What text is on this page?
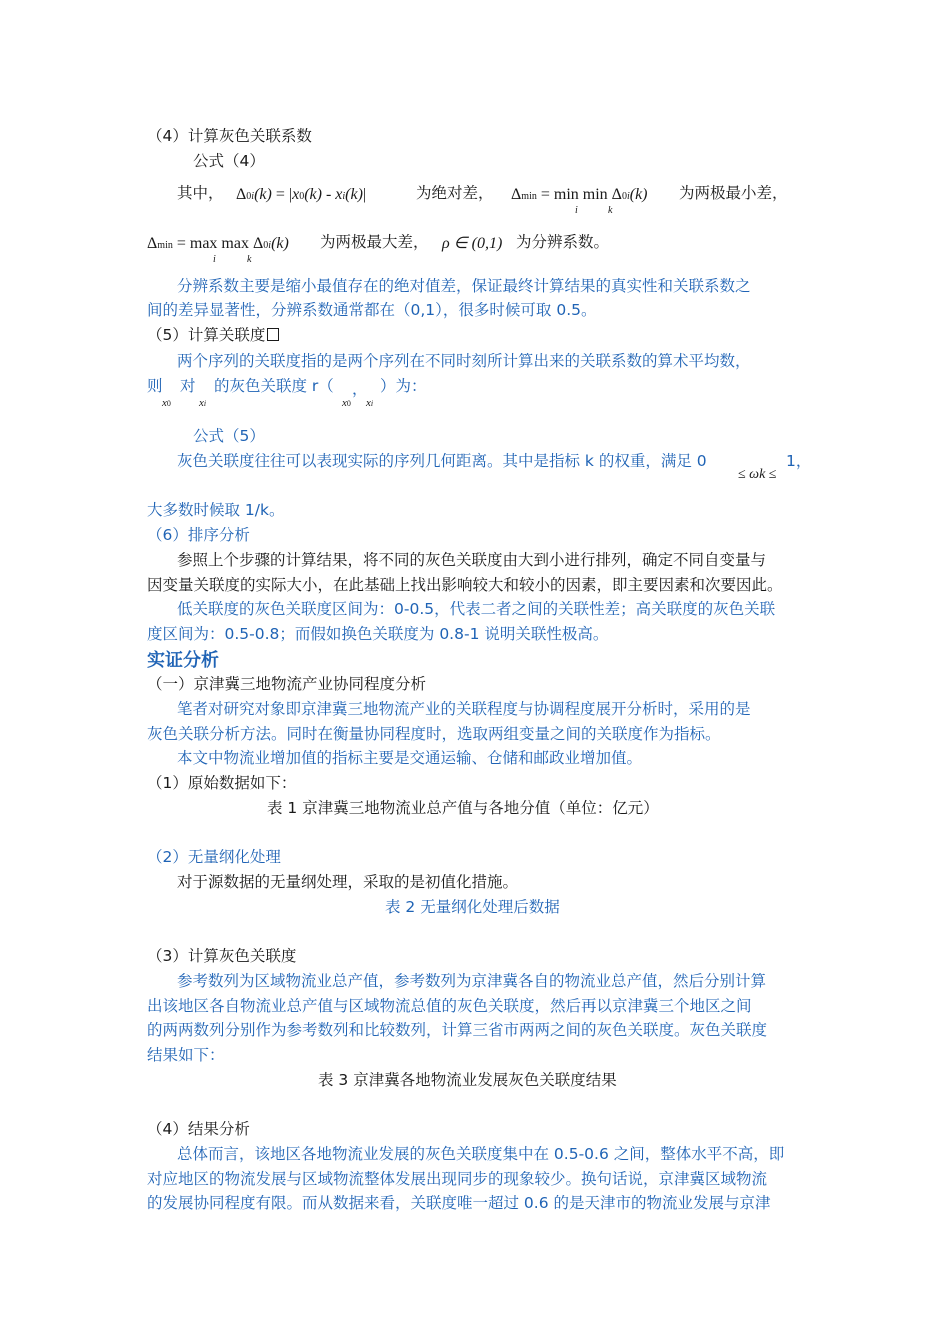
（4）计算灰色关联系数
公式（4）
其中， Δ0i(k) = |x0(k) - xi(k)|	为绝对差， Δmin = min min Δ0i(k)
i	k
为两极最小差，
Δmin = max max Δ0i(k)
i	k
为两极最大差， ρ ∈ (0,1) 为分辨系数。
分辨系数主要是缩小最值存在的绝对值差，保证最终计算结果的真实性和关联系数之
间的差异显著性，分辨系数通常都在（0,1），很多时候可取 0.5。
（5）计算关联度
两个序列的关联度指的是两个序列在不同时刻所计算出来的关联系数的算术平均数，
则
x0
对
xi
的灰色关联度 r（
x0
，
xi
）为：
公式（5）
灰色关联度往往可以表现实际的序列几何距离。其中是指标 k 的权重，满足 0
≤ ωk ≤
1，
大多数时候取 1/k。
（6）排序分析
参照上个步骤的计算结果，将不同的灰色关联度由大到小进行排列，确定不同自变量与
因变量关联度的实际大小，在此基础上找出影响较大和较小的因素，即主要因素和次要因此。
低关联度的灰色关联度区间为：0-0.5，代表二者之间的关联性差；高关联度的灰色关联
度区间为：0.5-0.8；而假如换色关联度为 0.8-1 说明关联性极高。
实证分析
（一）京津冀三地物流产业协同程度分析
笔者对研究对象即京津冀三地物流产业的关联程度与协调程度展开分析时，采用的是
灰色关联分析方法。同时在衡量协同程度时，选取两组变量之间的关联度作为指标。
本文中物流业增加值的指标主要是交通运输、仓储和邮政业增加值。
（1）原始数据如下：
表 1 京津冀三地物流业总产值与各地分值（单位：亿元）
（2）无量纲化处理
对于源数据的无量纲处理，采取的是初值化措施。
表 2 无量纲化处理后数据
（3）计算灰色关联度
参考数列为区域物流业总产值，参考数列为京津冀各自的物流业总产值，然后分别计算
出该地区各自物流业总产值与区域物流总值的灰色关联度，然后再以京津冀三个地区之间
的两两数列分别作为参考数列和比较数列，计算三省市两两之间的灰色关联度。灰色关联度
结果如下：
表 3 京津冀各地物流业发展灰色关联度结果
（4）结果分析
总体而言，该地区各地物流业发展的灰色关联度集中在 0.5-0.6 之间，整体水平不高，即
对应地区的物流发展与区域物流整体发展出现同步的现象较少。换句话说，京津冀区域物流
的发展协同程度有限。而从数据来看，关联度唯一超过 0.6 的是天津市的物流业发展与京津
